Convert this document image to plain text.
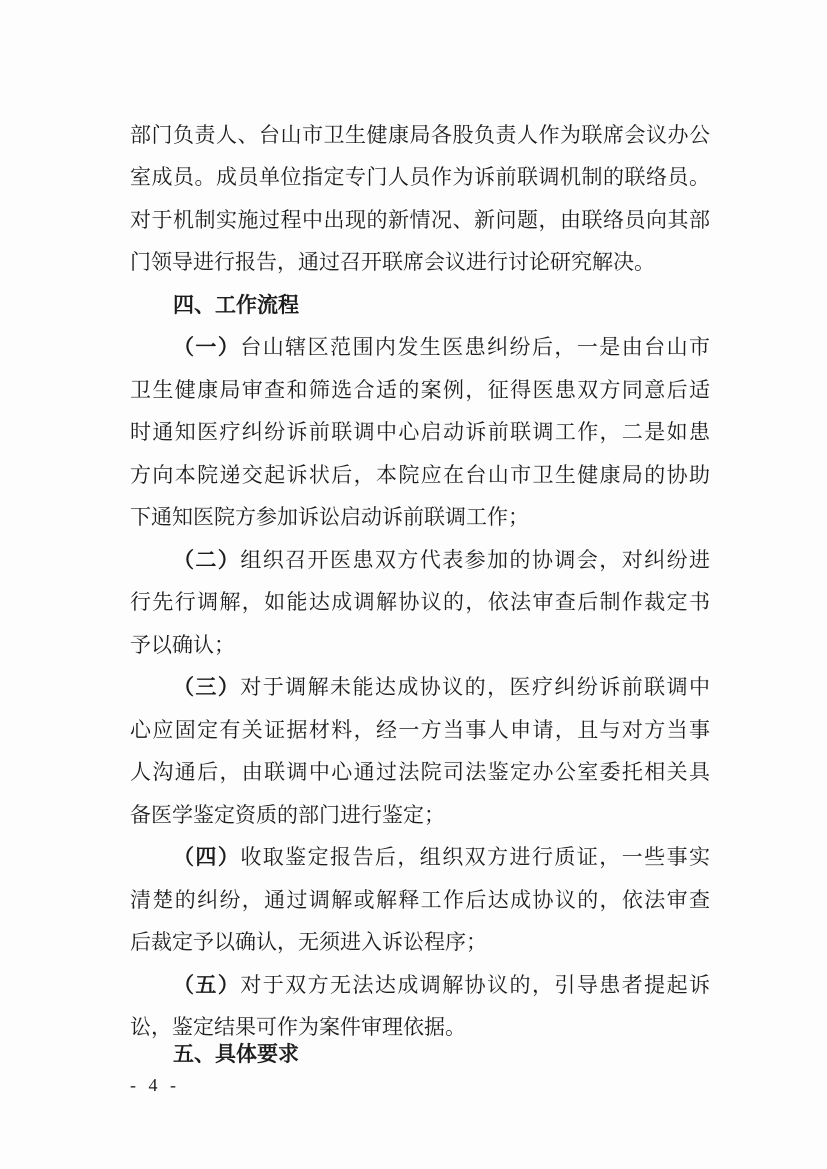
部门负责人、台山市卫生健康局各股负责人作为联席会议办公
室成员。成员单位指定专门人员作为诉前联调机制的联络员。
对于机制实施过程中出现的新情况、新问题，由联络员向其部
门领导进行报告，通过召开联席会议进行讨论研究解决。
四、工作流程
（一）台山辖区范围内发生医患纠纷后，一是由台山市
卫生健康局审查和筛选合适的案例，征得医患双方同意后适
时通知医疗纠纷诉前联调中心启动诉前联调工作，二是如患
方向本院递交起诉状后，本院应在台山市卫生健康局的协助
下通知医院方参加诉讼启动诉前联调工作；
（二）组织召开医患双方代表参加的协调会，对纠纷进
行先行调解，如能达成调解协议的，依法审查后制作裁定书
予以确认；
（三）对于调解未能达成协议的，医疗纠纷诉前联调中
心应固定有关证据材料，经一方当事人申请，且与对方当事
人沟通后，由联调中心通过法院司法鉴定办公室委托相关具
备医学鉴定资质的部门进行鉴定；
（四）收取鉴定报告后，组织双方进行质证，一些事实
清楚的纠纷，通过调解或解释工作后达成协议的，依法审查
后裁定予以确认，无须进入诉讼程序；
（五）对于双方无法达成调解协议的，引导患者提起诉
讼，鉴定结果可作为案件审理依据。
五、具体要求
- 4 -
